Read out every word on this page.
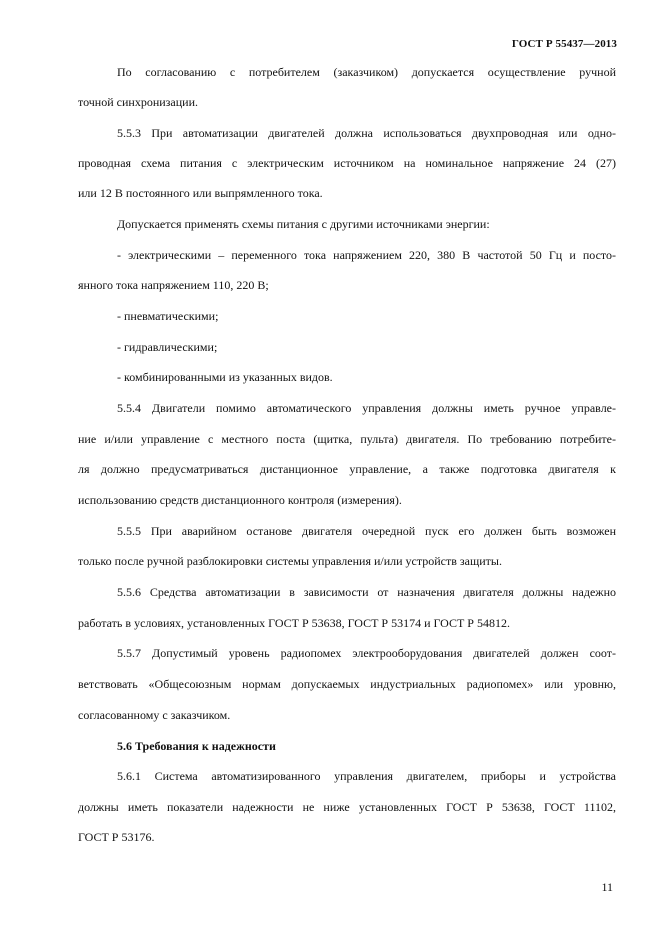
ГОСТ Р 55437—2013
По согласованию с потребителем (заказчиком) допускается осуществление ручной
точной синхронизации.
5.5.3 При автоматизации двигателей должна использоваться двухпроводная или одно-
проводная схема питания с электрическим источником на номинальное напряжение 24 (27)
или 12 В постоянного или выпрямленного тока.
Допускается применять схемы питания с другими источниками энергии:
- электрическими – переменного тока напряжением 220, 380 В частотой 50 Гц и посто-
янного тока напряжением 110, 220 В;
- пневматическими;
- гидравлическими;
- комбинированными из указанных видов.
5.5.4 Двигатели помимо автоматического управления должны иметь ручное управле-
ние и/или управление с местного поста (щитка, пульта) двигателя. По требованию потребите-
ля должно предусматриваться дистанционное управление, а также подготовка двигателя к
использованию средств дистанционного контроля (измерения).
5.5.5 При аварийном останове двигателя очередной пуск его должен быть возможен
только после ручной разблокировки системы управления и/или устройств защиты.
5.5.6 Средства автоматизации в зависимости от назначения двигателя должны надежно
работать в условиях, установленных ГОСТ Р 53638, ГОСТ Р 53174 и ГОСТ Р 54812.
5.5.7 Допустимый уровень радиопомех электрооборудования двигателей должен соот-
ветствовать «Общесоюзным нормам допускаемых индустриальных радиопомех» или уровню,
согласованному с заказчиком.
5.6 Требования к надежности
5.6.1 Система автоматизированного управления двигателем, приборы и устройства
должны иметь показатели надежности не ниже установленных ГОСТ Р 53638, ГОСТ 11102,
ГОСТ Р 53176.
11
